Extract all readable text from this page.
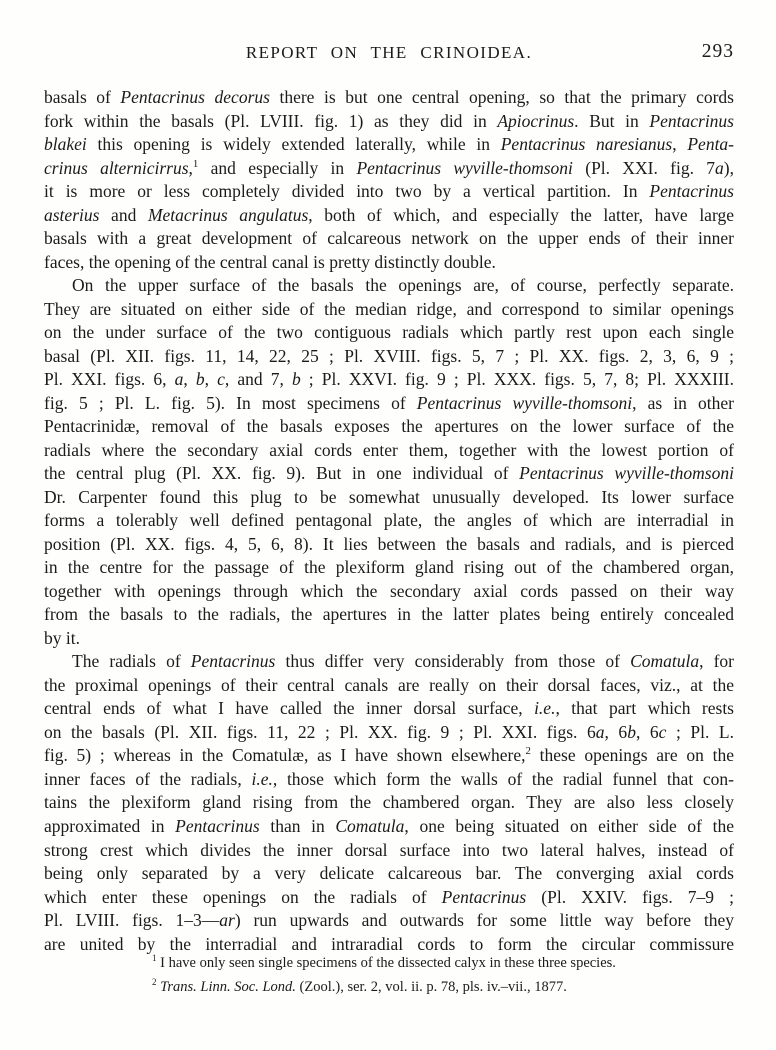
REPORT ON THE CRINOIDEA.	293
basals of Pentacrinus decorus there is but one central opening, so that the primary cords
fork within the basals (Pl. LVIII. fig. 1) as they did in Apiocrinus. But in Pentacrinus
blakei this opening is widely extended laterally, while in Pentacrinus naresianus, Penta-
crinus alternicirrus,$^1$ and especially in Pentacrinus wyville-thomsoni (Pl. XXI. fig. 7a),
it is more or less completely divided into two by a vertical partition. In Pentacrinus
asterius and Metacrinus angulatus, both of which, and especially the latter, have large
basals with a great development of calcareous network on the upper ends of their inner
faces, the opening of the central canal is pretty distinctly double.
On the upper surface of the basals the openings are, of course, perfectly separate.
They are situated on either side of the median ridge, and correspond to similar openings
on the under surface of the two contiguous radials which partly rest upon each single
basal (Pl. XII. figs. 11, 14, 22, 25 ; Pl. XVIII. figs. 5, 7 ; Pl. XX. figs. 2, 3, 6, 9 ;
Pl. XXI. figs. 6, a, b, c, and 7, b ; Pl. XXVI. fig. 9 ; Pl. XXX. figs. 5, 7, 8; Pl. XXXIII.
fig. 5 ; Pl. L. fig. 5). In most specimens of Pentacrinus wyville-thomsoni, as in other
Pentacrinidæ, removal of the basals exposes the apertures on the lower surface of the
radials where the secondary axial cords enter them, together with the lowest portion of
the central plug (Pl. XX. fig. 9). But in one individual of Pentacrinus wyville-thomsoni
Dr. Carpenter found this plug to be somewhat unusually developed. Its lower surface
forms a tolerably well defined pentagonal plate, the angles of which are interradial in
position (Pl. XX. figs. 4, 5, 6, 8). It lies between the basals and radials, and is pierced
in the centre for the passage of the plexiform gland rising out of the chambered organ,
together with openings through which the secondary axial cords passed on their way
from the basals to the radials, the apertures in the latter plates being entirely concealed
by it.
The radials of Pentacrinus thus differ very considerably from those of Comatula, for
the proximal openings of their central canals are really on their dorsal faces, viz., at the
central ends of what I have called the inner dorsal surface, i.e., that part which rests
on the basals (Pl. XII. figs. 11, 22 ; Pl. XX. fig. 9 ; Pl. XXI. figs. 6a, 6b, 6c ; Pl. L.
fig. 5) ; whereas in the Comatulæ, as I have shown elsewhere,$^2$ these openings are on the
inner faces of the radials, i.e., those which form the walls of the radial funnel that con-
tains the plexiform gland rising from the chambered organ. They are also less closely
approximated in Pentacrinus than in Comatula, one being situated on either side of the
strong crest which divides the inner dorsal surface into two lateral halves, instead of
being only separated by a very delicate calcareous bar. The converging axial cords
which enter these openings on the radials of Pentacrinus (Pl. XXIV. figs. 7–9 ;
Pl. LVIII. figs. 1–3—ar) run upwards and outwards for some little way before they
are united by the interradial and intraradial cords to form the circular commissure
$^1$ I have only seen single specimens of the dissected calyx in these three species.
$^2$ Trans. Linn. Soc. Lond. (Zool.), ser. 2, vol. ii. p. 78, pls. iv.–vii., 1877.
